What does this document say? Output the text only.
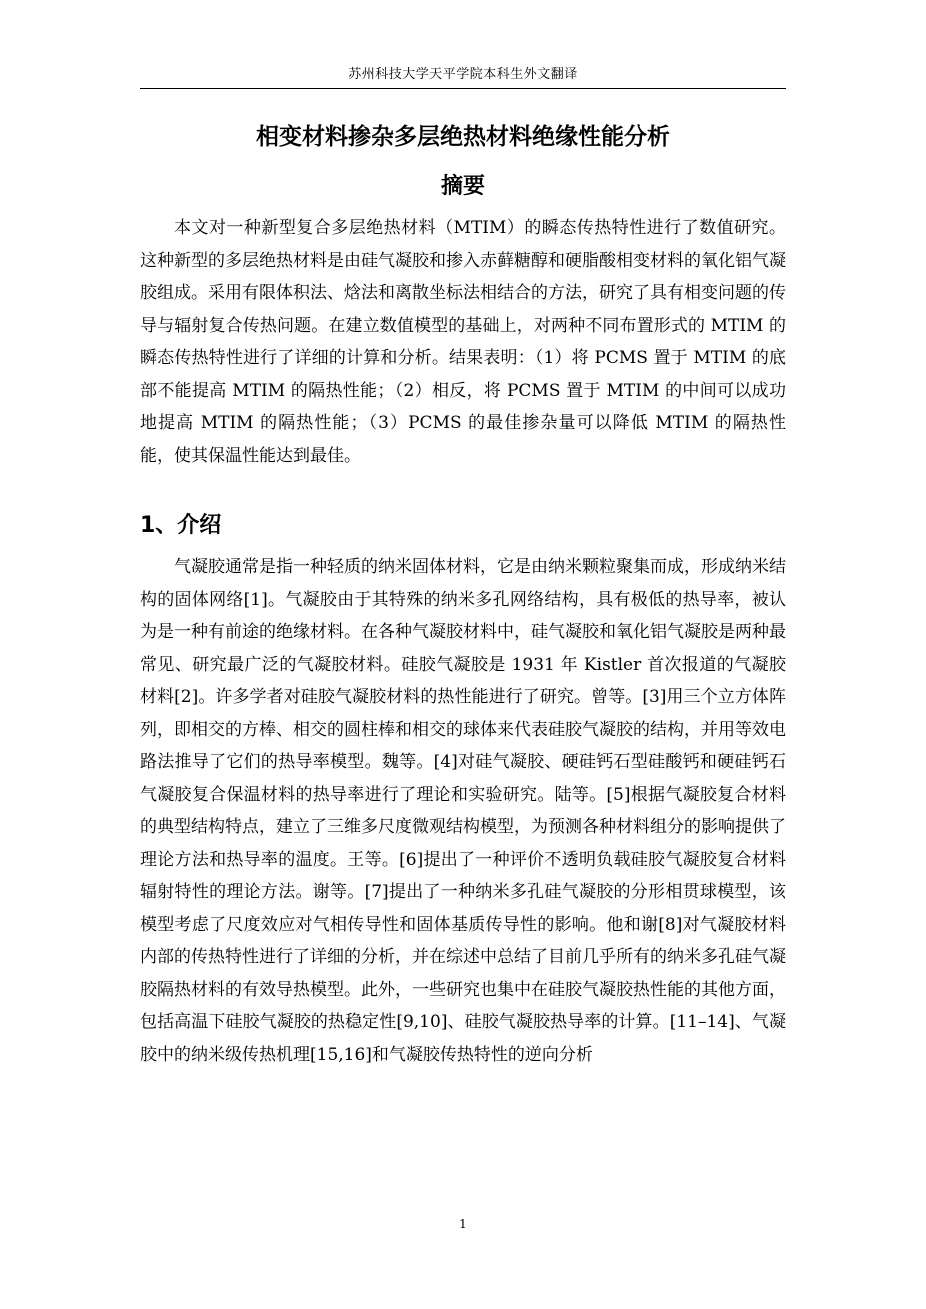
苏州科技大学天平学院本科生外文翻译
相变材料掺杂多层绝热材料绝缘性能分析
摘要

本文对一种新型复合多层绝热材料（MTIM）的瞬态传热特性进行了数值研究。这种新型的多层绝热材料是由硅气凝胶和掺入赤藓糖醇和硬脂酸相变材料的氧化铝气凝胶组成。采用有限体积法、焓法和离散坐标法相结合的方法，研究了具有相变问题的传导与辐射复合传热问题。在建立数值模型的基础上，对两种不同布置形式的 MTIM 的瞬态传热特性进行了详细的计算和分析。结果表明：（1）将 PCMS 置于 MTIM 的底部不能提高 MTIM 的隔热性能；（2）相反，将 PCMS 置于 MTIM 的中间可以成功地提高 MTIM 的隔热性能；（3）PCMS 的最佳掺杂量可以降低 MTIM 的隔热性能，使其保温性能达到最佳。

1、介绍

气凝胶通常是指一种轻质的纳米固体材料，它是由纳米颗粒聚集而成，形成纳米结构的固体网络[1]。气凝胶由于其特殊的纳米多孔网络结构，具有极低的热导率，被认为是一种有前途的绝缘材料。在各种气凝胶材料中，硅气凝胶和氧化铝气凝胶是两种最常见、研究最广泛的气凝胶材料。硅胶气凝胶是 1931 年 Kistler 首次报道的气凝胶材料[2]。许多学者对硅胶气凝胶材料的热性能进行了研究。曾等。[3]用三个立方体阵列，即相交的方棒、相交的圆柱棒和相交的球体来代表硅胶气凝胶的结构，并用等效电路法推导了它们的热导率模型。魏等。[4]对硅气凝胶、硬硅钙石型硅酸钙和硬硅钙石气凝胶复合保温材料的热导率进行了理论和实验研究。陆等。[5]根据气凝胶复合材料的典型结构特点，建立了三维多尺度微观结构模型，为预测各种材料组分的影响提供了理论方法和热导率的温度。王等。[6]提出了一种评价不透明负载硅胶气凝胶复合材料辐射特性的理论方法。谢等。[7]提出了一种纳米多孔硅气凝胶的分形相贯球模型，该模型考虑了尺度效应对气相传导性和固体基质传导性的影响。他和谢[8]对气凝胶材料内部的传热特性进行了详细的分析，并在综述中总结了目前几乎所有的纳米多孔硅气凝胶隔热材料的有效导热模型。此外，一些研究也集中在硅胶气凝胶热性能的其他方面，包括高温下硅胶气凝胶的热稳定性[9,10]、硅胶气凝胶热导率的计算。[11–14]、气凝胶中的纳米级传热机理[15,16]和气凝胶传热特性的逆向分析

1
